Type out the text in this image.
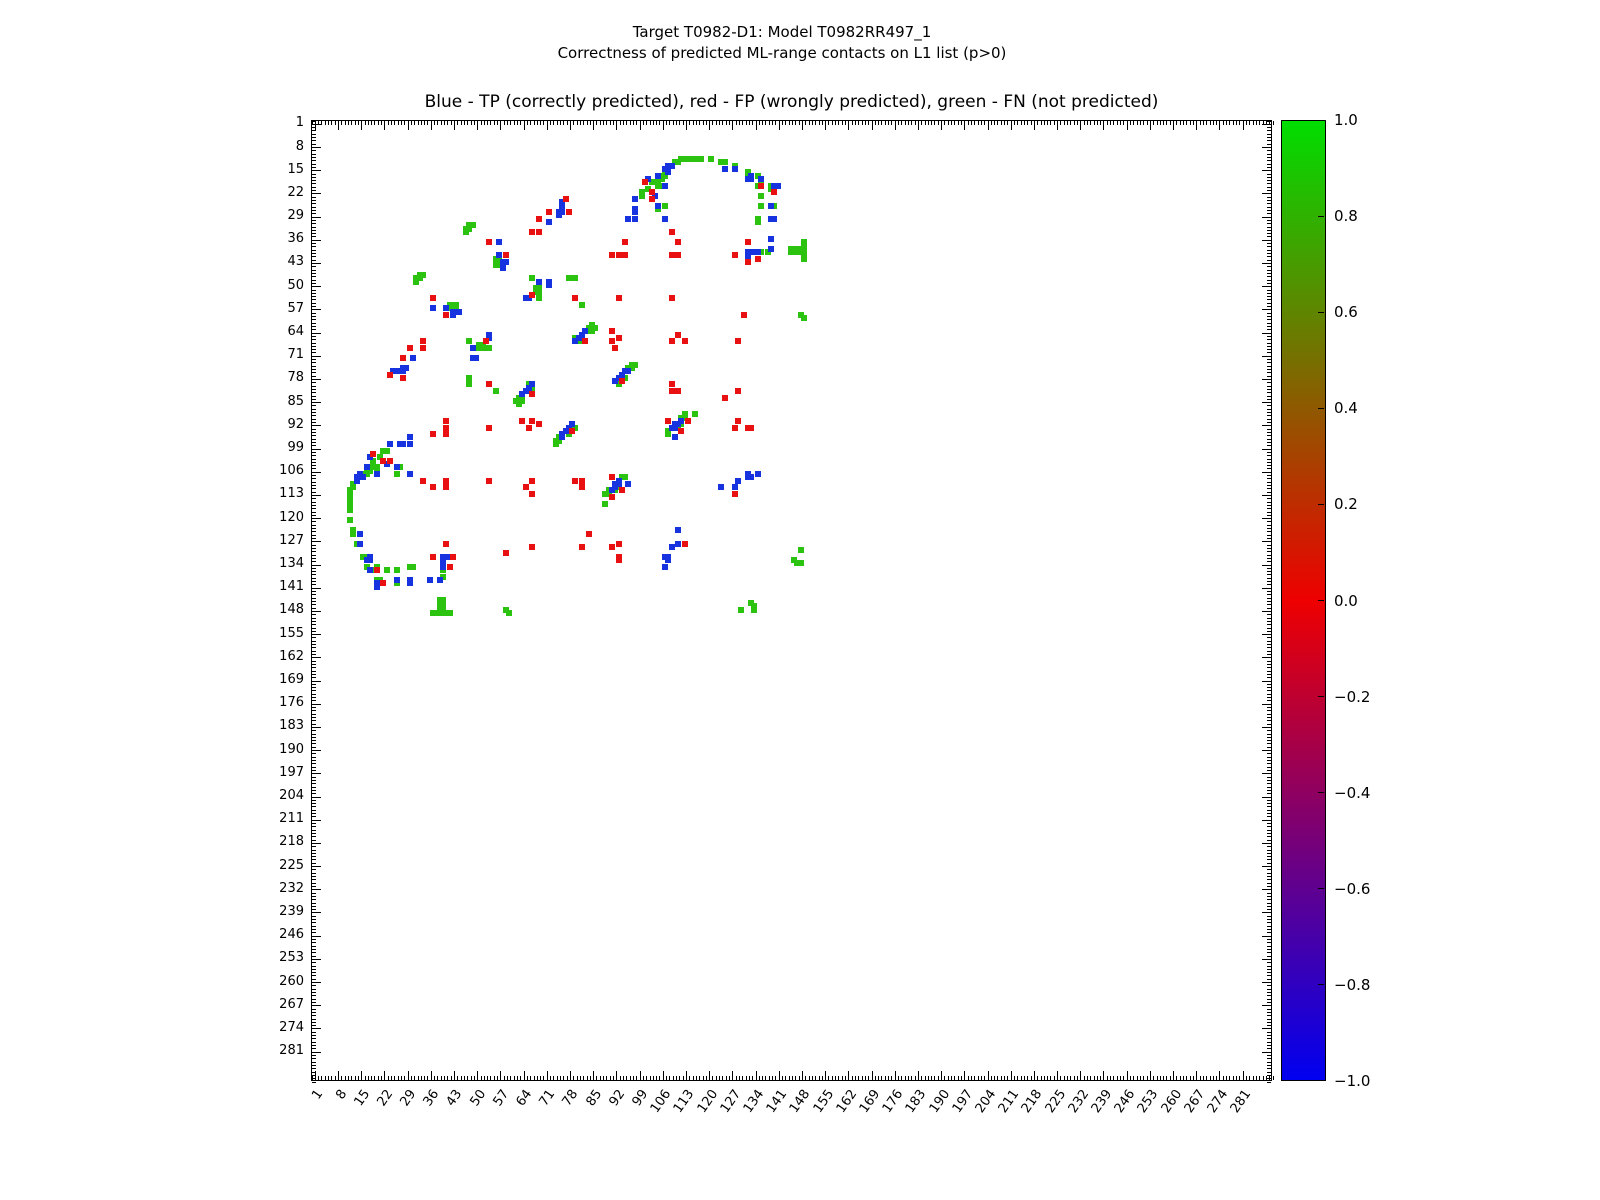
Target T0982-D1: Model T0982RR497_1
Correctness of predicted ML-range contacts on L1 list (p>0)
Blue - TP (correctly predicted), red - FP (wrongly predicted), green - FN (not predicted)
1
8
15
22
29
36
43
50
57
64
71
78
85
92
99
106
113
120
127
134
141
148
155
162
169
176
183
190
197
204
211
218
225
232
239
246
253
260
267
274
281
1 8 15 22 29 36 43 50 57 64 71 78 85 92 99
106
113
120
127
134
141
148
155
162
169
176
183
190
197
204
211
218
225
232
239
246
253
260
267
274
281
1.0
0.8
0.6
0.4
0.2
0.0
−0.2
−0.4
−0.6
−0.8
−1.0
